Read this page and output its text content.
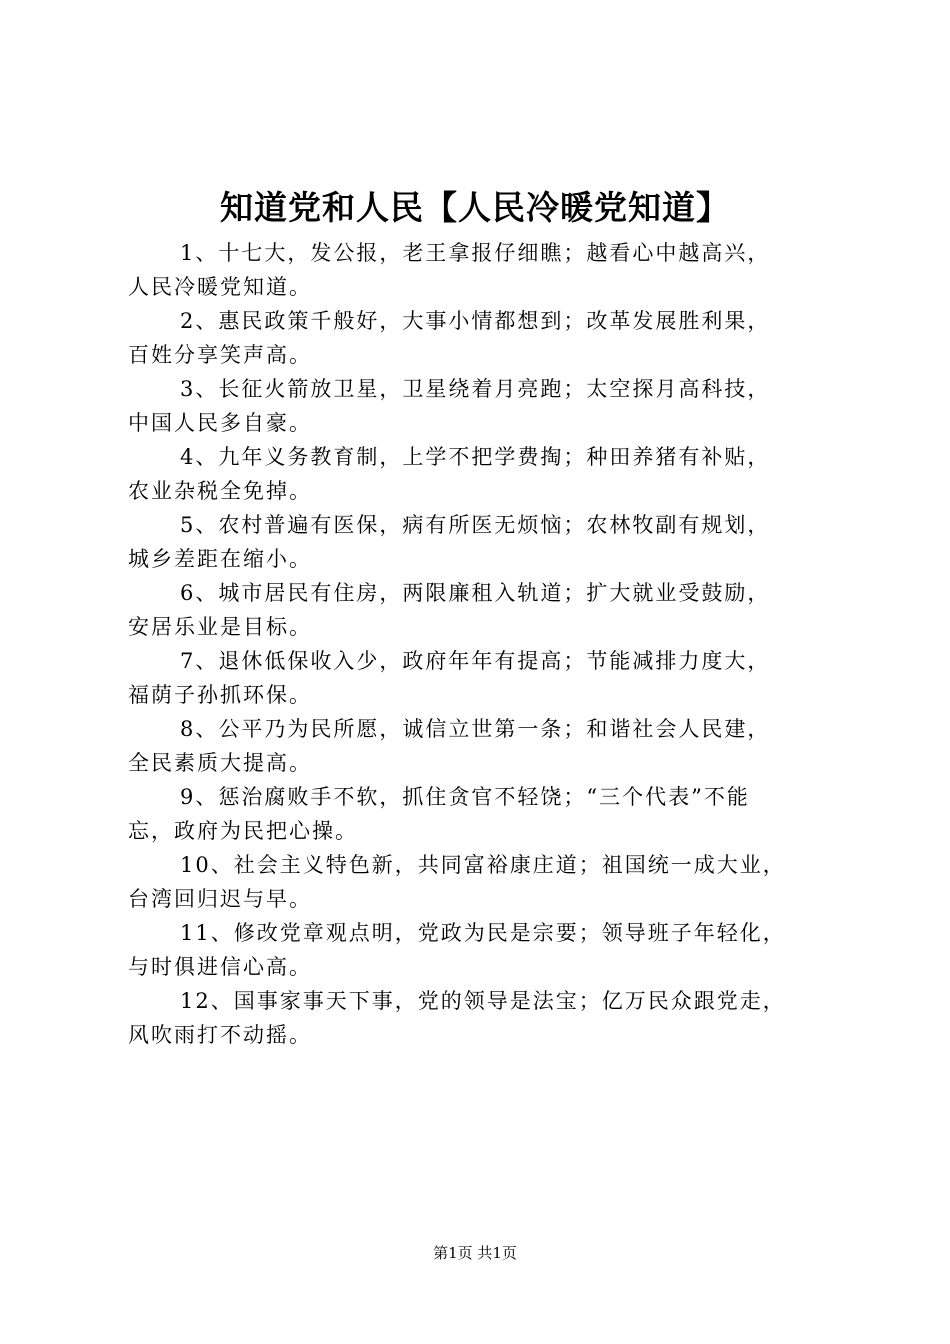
知道党和人民【人民冷暖党知道】

1、十七大，发公报，老王拿报仔细瞧；越看心中越高兴，
人民冷暖党知道。

2、惠民政策千般好，大事小情都想到；改革发展胜利果，
百姓分享笑声高。

3、长征火箭放卫星，卫星绕着月亮跑；太空探月高科技，
中国人民多自豪。

4、九年义务教育制，上学不把学费掏；种田养猪有补贴，
农业杂税全免掉。

5、农村普遍有医保，病有所医无烦恼；农林牧副有规划，
城乡差距在缩小。

6、城市居民有住房，两限廉租入轨道；扩大就业受鼓励，
安居乐业是目标。

7、退休低保收入少，政府年年有提高；节能减排力度大，
福荫子孙抓环保。

8、公平乃为民所愿，诚信立世第一条；和谐社会人民建，
全民素质大提高。

9、惩治腐败手不软，抓住贪官不轻饶；“三个代表”不能
忘，政府为民把心操。

10、社会主义特色新，共同富裕康庄道；祖国统一成大业，
台湾回归迟与早。

11、修改党章观点明，党政为民是宗要；领导班子年轻化，
与时俱进信心高。

12、国事家事天下事，党的领导是法宝；亿万民众跟党走，
风吹雨打不动摇。

第1页 共1页
